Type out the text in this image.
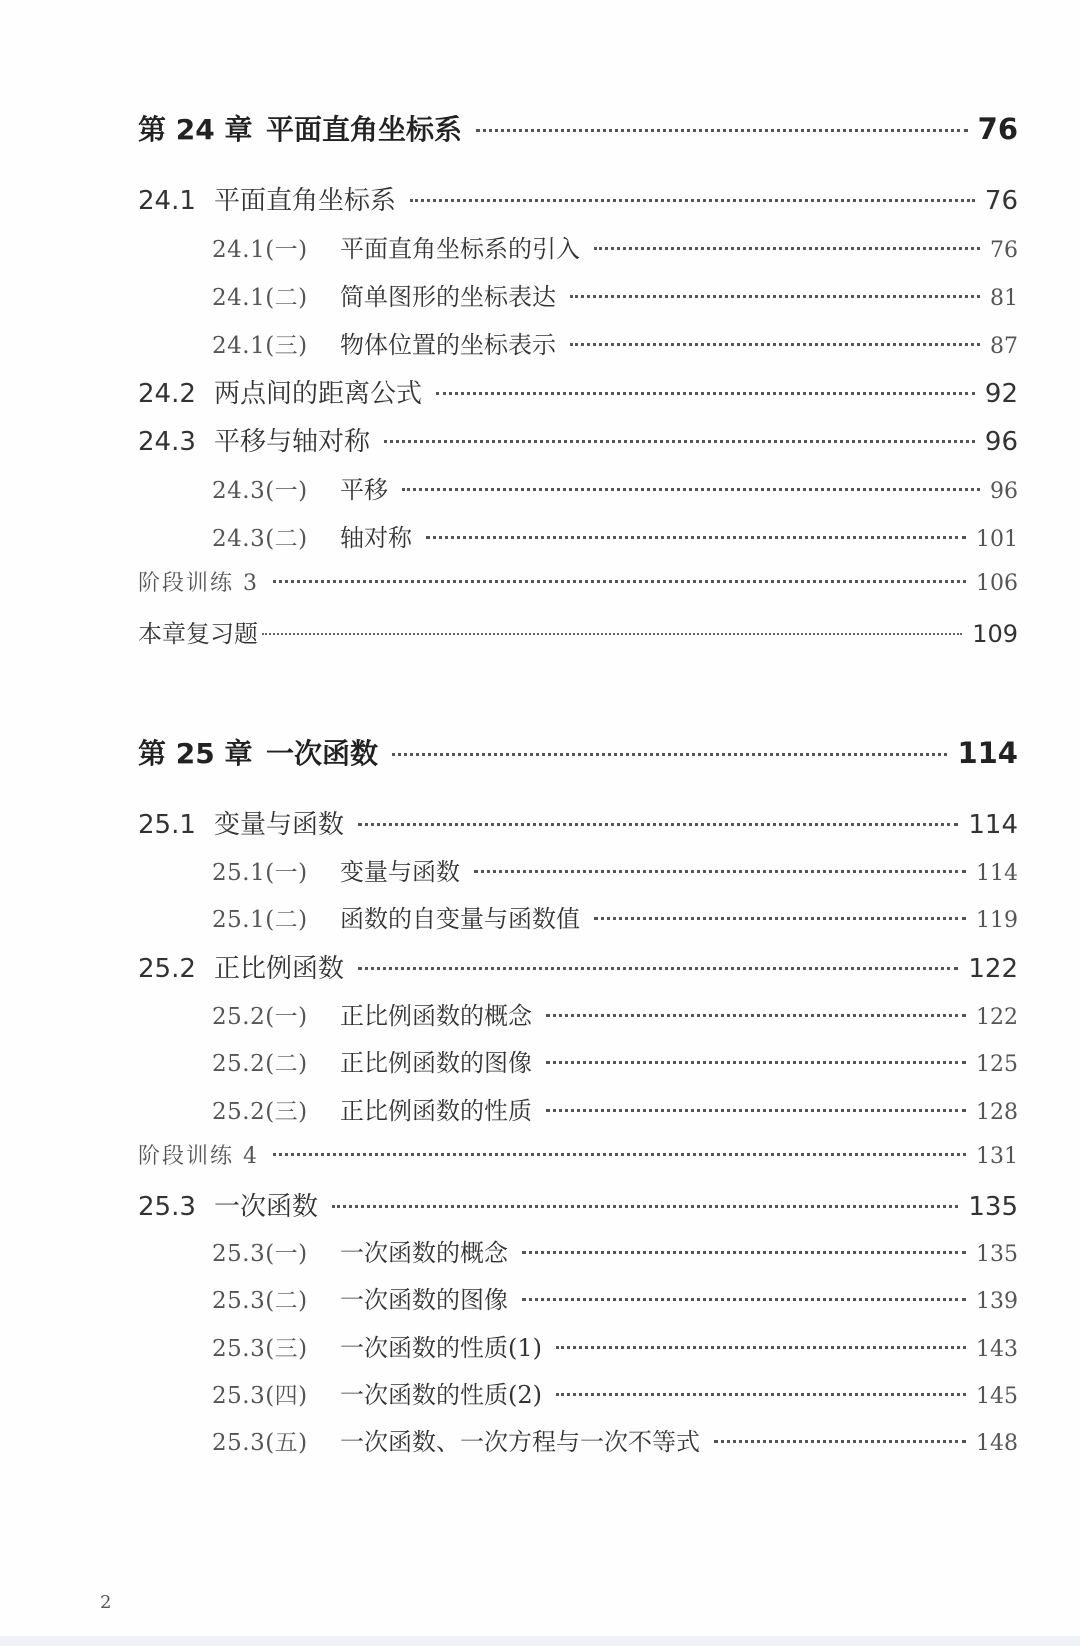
第 24 章 平面直角坐标系	76
24.1 平面直角坐标系	76
24.1(一)	平面直角坐标系的引入	76
24.1(二)	简单图形的坐标表达	81
24.1(三)	物体位置的坐标表示	87
24.2 两点间的距离公式	92
24.3 平移与轴对称	96
24.3(一)	平移	96
24.3(二)	轴对称	101
阶段训练 3	106
本章复习题	109
第 25 章 一次函数	114
25.1 变量与函数	114
25.1(一)	变量与函数	114
25.1(二)	函数的自变量与函数值	119
25.2 正比例函数	122
25.2(一)	正比例函数的概念	122
25.2(二)	正比例函数的图像	125
25.2(三)	正比例函数的性质	128
阶段训练 4	131
25.3 一次函数	135
25.3(一)	一次函数的概念	135
25.3(二)	一次函数的图像	139
25.3(三)	一次函数的性质(1)	143
25.3(四)	一次函数的性质(2)	145
25.3(五)	一次函数、一次方程与一次不等式	148
2
